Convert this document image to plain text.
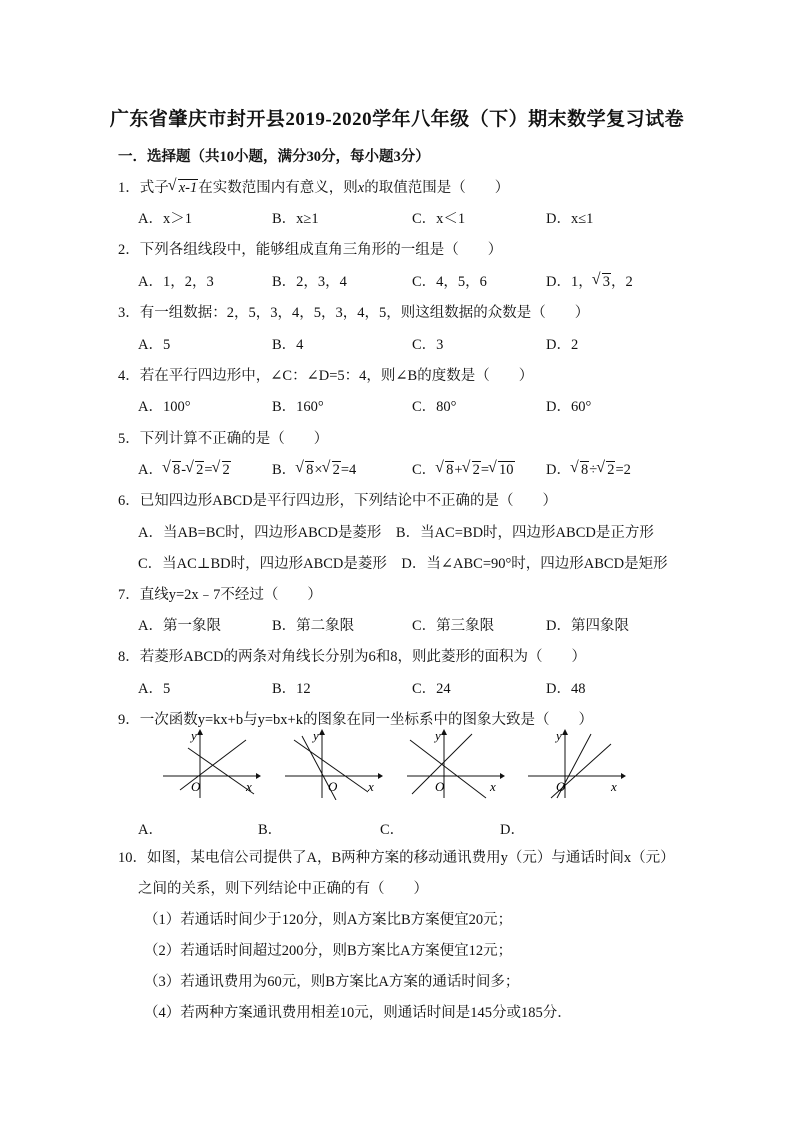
广东省肇庆市封开县2019-2020学年八年级（下）期末数学复习试卷
一．选择题（共10小题，满分30分，每小题3分）
1．式子 √ x-1在实数范围内有意义，则x的取值范围是（　　）
A．x＞1	B．x≥1	C．x＜1	D．x≤1
2．下列各组线段中，能够组成直角三角形的一组是（　　）
A．1，2，3	B．2，3，4	C．4，5，6	D．1， √ 3，2
3．有一组数据：2，5，3，4，5，3，4，5，则这组数据的众数是（　　）
A．5	B．4	C．3	D．2
4．若在平行四边形中，∠C：∠D=5：4，则∠B的度数是（　　）
A．100°	B．160°	C．80°	D．60°
5．下列计算不正确的是（　　）
A． √ 8- √ 2= √ 2	B． √ 8× √ 2=4	C． √ 8+ √ 2= √ 10 D． √ 8÷ √ 2=2
6．已知四边形ABCD是平行四边形，下列结论中不正确的是（　　）
A．当AB=BC时，四边形ABCD是菱形　B．当AC=BD时，四边形ABCD是正方形
C．当AC⊥BD时，四边形ABCD是菱形　D．当∠ABC=90°时，四边形ABCD是矩形
7．直线y=2x﹣7不经过（　　）
A．第一象限	B．第二象限	C．第三象限	D．第四象限
8．若菱形ABCD的两条对角线长分别为6和8，则此菱形的面积为（　　）
A．5	B．12	C．24	D．48
9．一次函数y=kx+b与y=bx+k的图象在同一坐标系中的图象大致是（　　）
x
y
O	x
y
O	x
y
O	x
y
O
A．	B．	C．	D．
10．如图，某电信公司提供了A，B两种方案的移动通讯费用y（元）与通话时间x（元）
之间的关系，则下列结论中正确的有（　　）
（1）若通话时间少于120分，则A方案比B方案便宜20元；
（2）若通话时间超过200分，则B方案比A方案便宜12元；
（3）若通讯费用为60元，则B方案比A方案的通话时间多；
（4）若两种方案通讯费用相差10元，则通话时间是145分或185分．
